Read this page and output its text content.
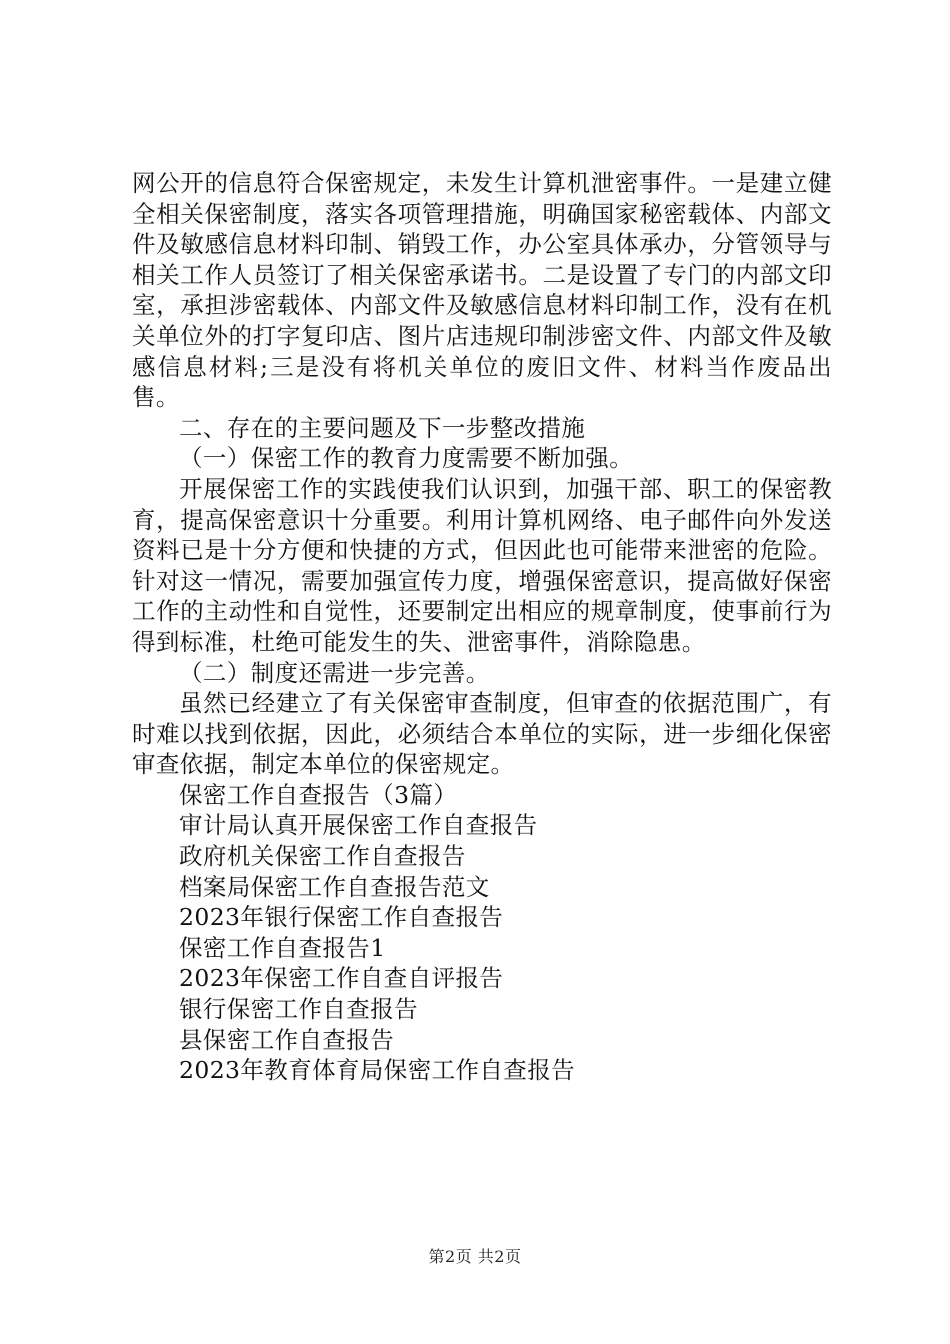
网公开的信息符合保密规定，未发生计算机泄密事件。一是建立健全相关保密制度，落实各项管理措施，明确国家秘密载体、内部文件及敏感信息材料印制、销毁工作，办公室具体承办，分管领导与相关工作人员签订了相关保密承诺书。二是设置了专门的内部文印室，承担涉密载体、内部文件及敏感信息材料印制工作，没有在机关单位外的打字复印店、图片店违规印制涉密文件、内部文件及敏感信息材料;三是没有将机关单位的废旧文件、材料当作废品出售。

二、存在的主要问题及下一步整改措施

（一）保密工作的教育力度需要不断加强。

开展保密工作的实践使我们认识到，加强干部、职工的保密教育，提高保密意识十分重要。利用计算机网络、电子邮件向外发送资料已是十分方便和快捷的方式，但因此也可能带来泄密的危险。针对这一情况，需要加强宣传力度，增强保密意识，提高做好保密工作的主动性和自觉性，还要制定出相应的规章制度，使事前行为得到标准，杜绝可能发生的失、泄密事件，消除隐患。

（二）制度还需进一步完善。

虽然已经建立了有关保密审查制度，但审查的依据范围广，有时难以找到依据，因此，必须结合本单位的实际，进一步细化保密审查依据，制定本单位的保密规定。

保密工作自查报告（3篇）
审计局认真开展保密工作自查报告
政府机关保密工作自查报告
档案局保密工作自查报告范文
2023年银行保密工作自查报告
保密工作自查报告1
2023年保密工作自查自评报告
银行保密工作自查报告
县保密工作自查报告
2023年教育体育局保密工作自查报告
第2页 共2页
